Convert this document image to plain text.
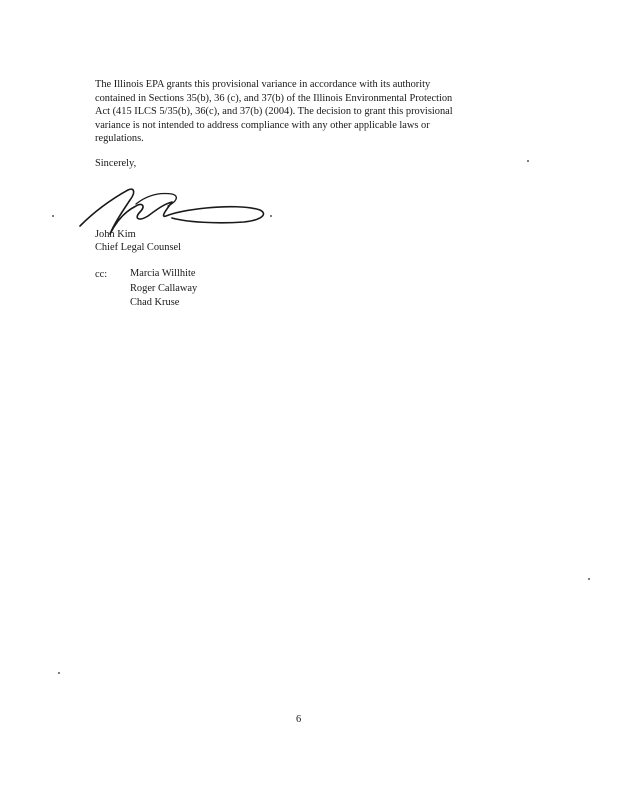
The Illinois EPA grants this provisional variance in accordance with its authority
contained in Sections 35(b), 36 (c), and 37(b) of the Illinois Environmental Protection
Act (415 ILCS 5/35(b), 36(c), and 37(b) (2004). The decision to grant this provisional
variance is not intended to address compliance with any other applicable laws or
regulations.
Sincerely,
John Kim
Chief Legal Counsel
cc: Marcia Willhite
Roger Callaway
Chad Kruse
6
